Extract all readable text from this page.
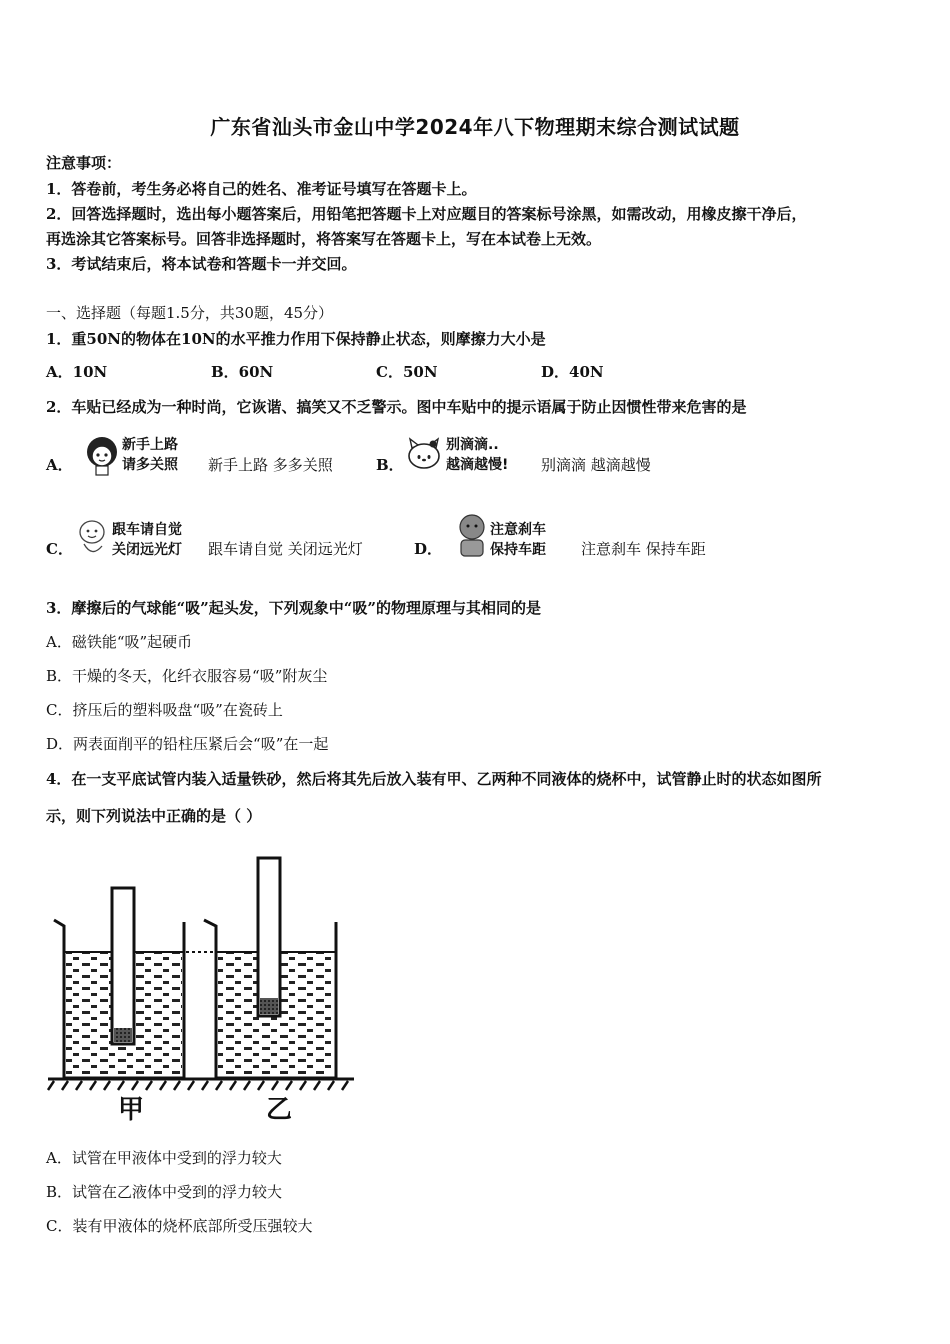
广东省汕头市金山中学2024年八下物理期末综合测试试题
注意事项：
1．答卷前，考生务必将自己的姓名、准考证号填写在答题卡上。
2．回答选择题时，选出每小题答案后，用铅笔把答题卡上对应题目的答案标号涂黑，如需改动，用橡皮擦干净后，
再选涂其它答案标号。回答非选择题时，将答案写在答题卡上，写在本试卷上无效。
3．考试结束后，将本试卷和答题卡一并交回。
一、选择题（每题1.5分，共30题，45分）
1．重50N的物体在10N的水平推力作用下保持静止状态，则摩擦力大小是
A．10N	B．60N	C．50N	D．40N
2．车贴已经成为一种时尚，它诙谐、搞笑又不乏警示。图中车贴中的提示语属于防止因惯性带来危害的是
A．
新手上路
请多关照 新手上路 多多关照	B．
别滴滴..
越滴越慢! 别滴滴 越滴越慢
C．
跟车请自觉
关闭远光灯 跟车请自觉 关闭远光灯	D．
注意刹车
保持车距 注意刹车 保持车距
3．摩擦后的气球能“吸”起头发，下列观象中“吸”的物理原理与其相同的是
A．磁铁能“吸”起硬币
B．干燥的冬天，化纤衣服容易“吸”附灰尘
C．挤压后的塑料吸盘“吸”在瓷砖上
D．两表面削平的铅柱压紧后会“吸”在一起
4．在一支平底试管内装入适量铁砂，然后将其先后放入装有甲、乙两种不同液体的烧杯中，试管静止时的状态如图所
示，则下列说法中正确的是（ ）
甲	乙
A．试管在甲液体中受到的浮力较大
B．试管在乙液体中受到的浮力较大
C．装有甲液体的烧杯底部所受压强较大
